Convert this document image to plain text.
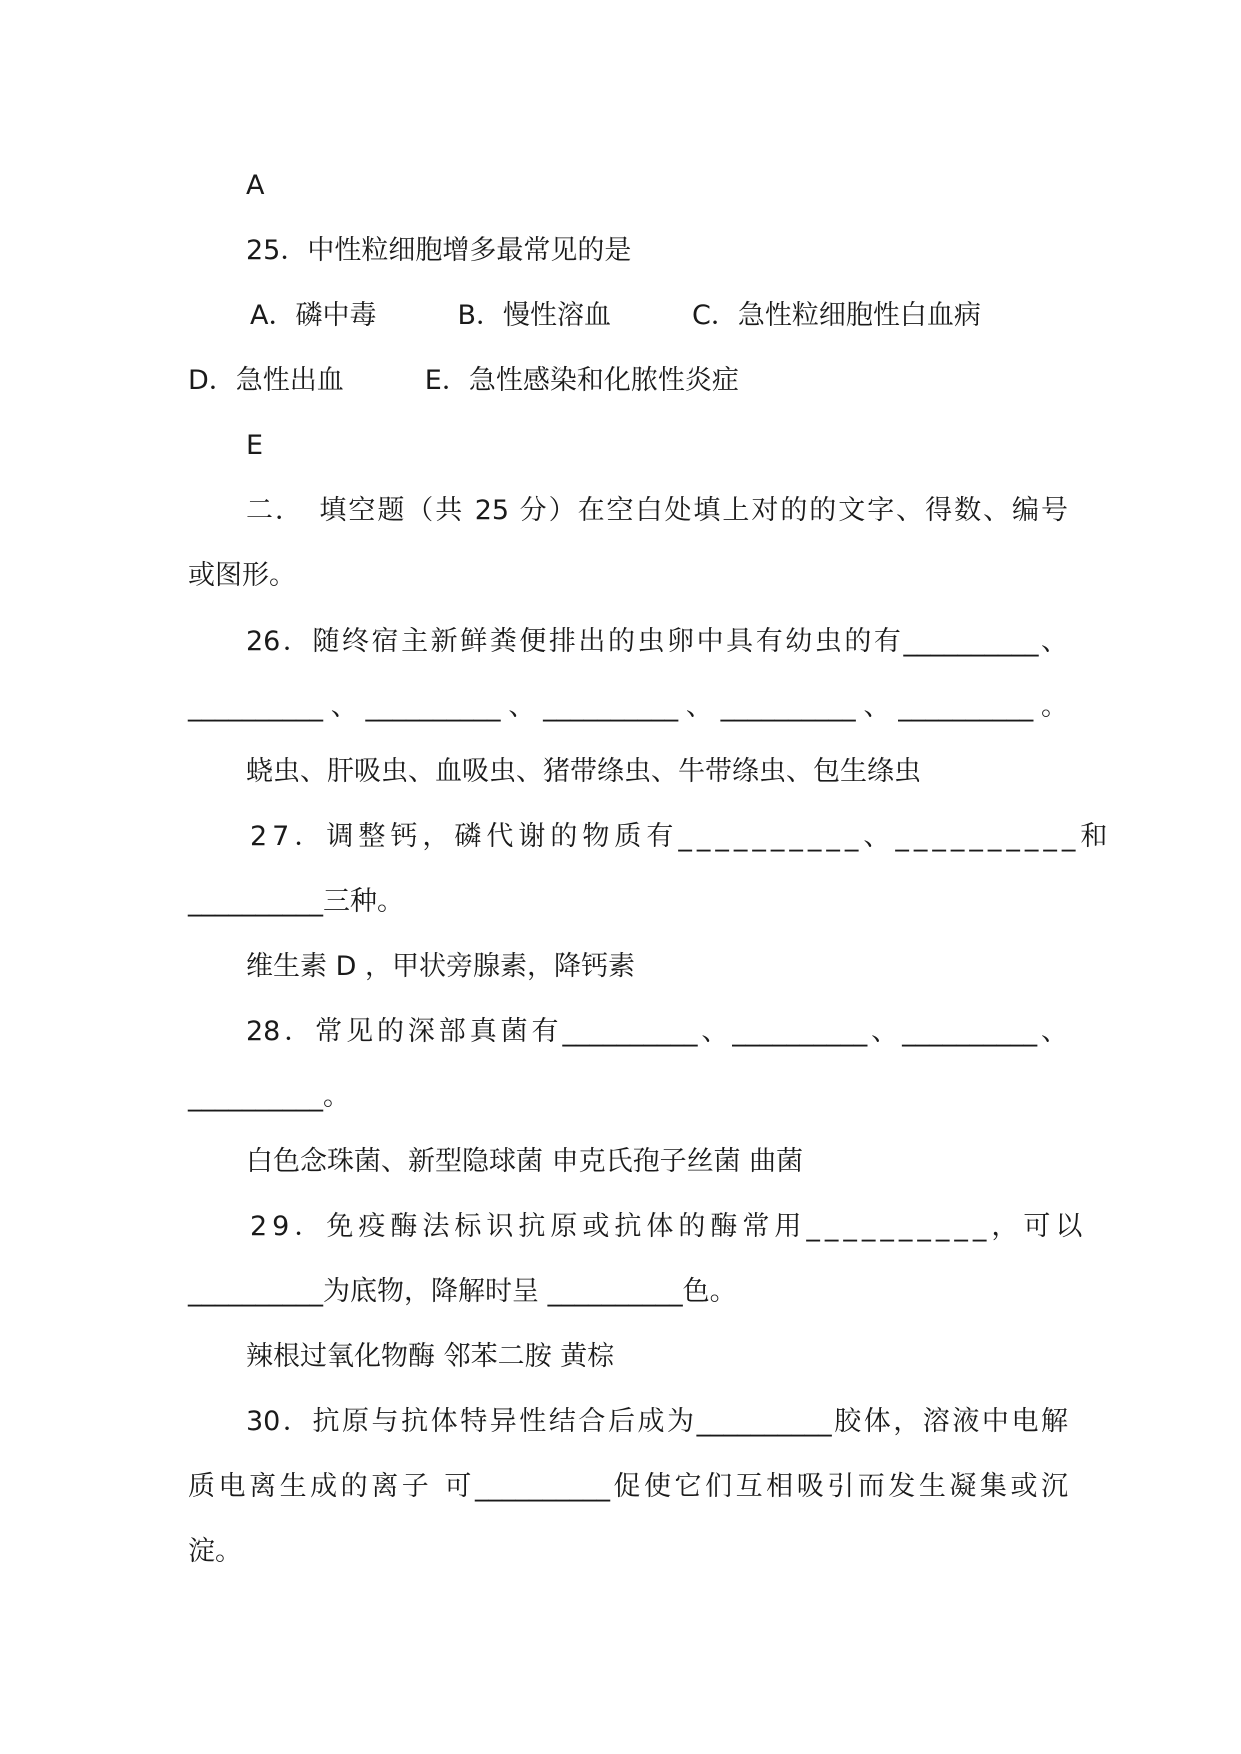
A
25．中性粒细胞增多最常见的是
A．磷中毒　　　B．慢性溶血　　　C．急性粒细胞性白血病
D．急性出血　　　E．急性感染和化脓性炎症
E
二．　填空题（共 25 分）在空白处填上对的的文字、得数、编号
或图形。
26．随终宿主新鲜粪便排出的虫卵中具有幼虫的有__________、
__________、__________、__________、__________、__________。
蛲虫、肝吸虫、血吸虫、猪带绦虫、牛带绦虫、包生绦虫
27．调整钙，磷代谢的物质有__________、__________和
__________三种。
维生素 D ，甲状旁腺素，降钙素
28．常见的深部真菌有__________、__________、__________、
__________。
白色念珠菌、新型隐球菌 申克氏孢子丝菌 曲菌
29．免疫酶法标识抗原或抗体的酶常用__________，可以
__________为底物，降解时呈 __________色。
辣根过氧化物酶 邻苯二胺 黄棕
30．抗原与抗体特异性结合后成为__________胶体，溶液中电解
质电离生成的离子 可__________促使它们互相吸引而发生凝集或沉
淀。
